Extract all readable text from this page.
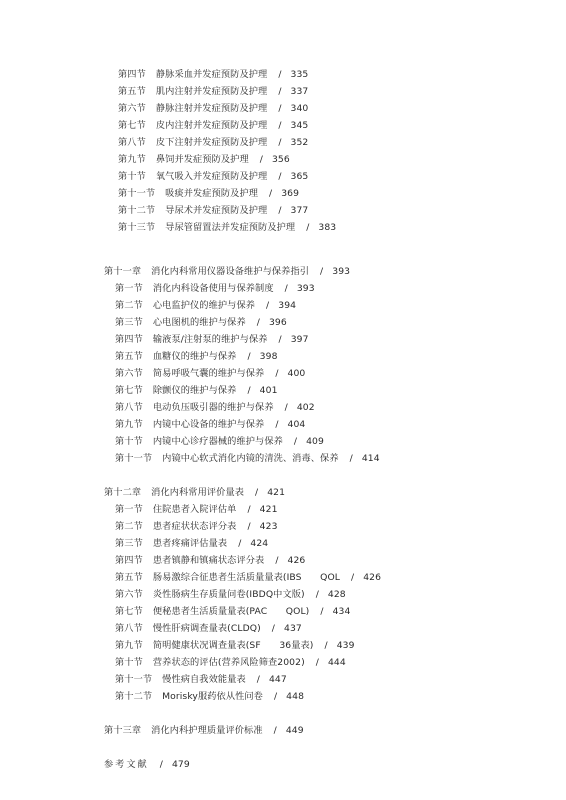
第四节 静脉采血并发症预防及护理 / 335
第五节 肌内注射并发症预防及护理 / 337
第六节 静脉注射并发症预防及护理 / 340
第七节 皮内注射并发症预防及护理 / 345
第八节 皮下注射并发症预防及护理 / 352
第九节 鼻饲并发症预防及护理 / 356
第十节 氧气吸入并发症预防及护理 / 365
第十一节 吸痰并发症预防及护理 / 369
第十二节 导尿术并发症预防及护理 / 377
第十三节 导尿管留置法并发症预防及护理 / 383
第十一章 消化内科常用仪器设备维护与保养指引 / 393
第一节 消化内科设备使用与保养制度 / 393
第二节 心电监护仪的维护与保养 / 394
第三节 心电图机的维护与保养 / 396
第四节 输液泵/注射泵的维护与保养 / 397
第五节 血糖仪的维护与保养 / 398
第六节 简易呼吸气囊的维护与保养 / 400
第七节 除颤仪的维护与保养 / 401
第八节 电动负压吸引器的维护与保养 / 402
第九节 内镜中心设备的维护与保养 / 404
第十节 内镜中心诊疗器械的维护与保养 / 409
第十一节 内镜中心软式消化内镜的清洗、消毒、保养 / 414
第十二章 消化内科常用评价量表 / 421
第一节 住院患者入院评估单 / 421
第二节 患者症状状态评分表 / 423
第三节 患者疼痛评估量表 / 424
第四节 患者镇静和镇痛状态评分表 / 426
第五节 肠易激综合征患者生活质量量表(IBS　　QOL / 426
第六节 炎性肠病生存质量问卷(IBDQ中文版) / 428
第七节 便秘患者生活质量量表(PAC　　QOL) / 434
第八节 慢性肝病调查量表(CLDQ) / 437
第九节 简明健康状况调查量表(SF　　36量表) / 439
第十节 营养状态的评估(营养风险筛查2002) / 444
第十一节 慢性病自我效能量表 / 447
第十二节 Morisky服药依从性问卷 / 448
第十三章 消化内科护理质量评价标准 / 449
参考文献 / 479
